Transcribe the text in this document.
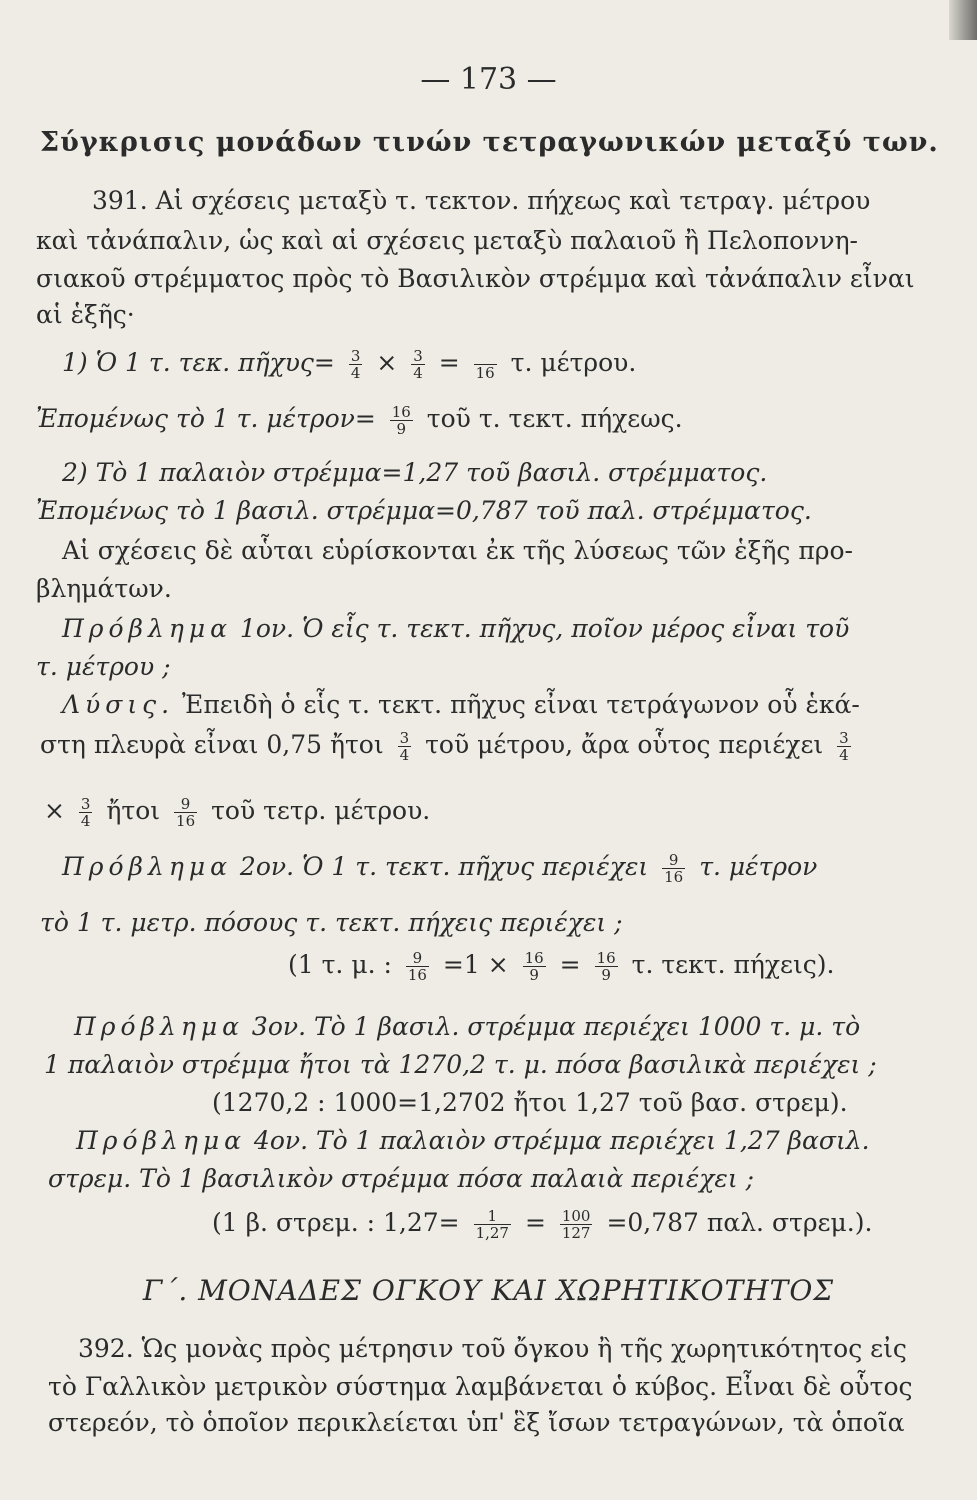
— 173 —
Σύγκρισις μονάδων τινών τετραγωνικών μεταξύ των.
391. Αἱ σχέσεις μεταξὺ τ. τεκτον. πήχεως καὶ τετραγ. μέτρου
καὶ τἀνάπαλιν, ὡς καὶ αἱ σχέσεις μεταξὺ παλαιοῦ ἢ Πελοποννη-
σιακοῦ στρέμματος πρὸς τὸ Βασιλικὸν στρέμμα καὶ τἀνάπαλιν εἶναι
αἱ ἑξῆς·
1) Ὁ 1 τ. τεκ. πῆχυς= $\frac{3}{4} \times \frac{3}{4}$ =
16 τ. μέτρου.
Ἐπομένως τὸ 1 τ. $\mu έ\tau\rho o\nu= \frac{16}{9}$ τοῦ τ. τεκτ. πήχεως.
2) Τὸ 1 παλαιὸν στρέμμα=1,27 τοῦ βασιλ. στρέμματος.
Ἐπομένως τὸ 1 βασιλ. στρέμμα=0,787 τοῦ παλ. στρέμματος.
Αἱ σχέσεις δὲ αὗται εὑρίσκονται ἐκ τῆς λύσεως τῶν ἑξῆς προ-
βλημάτων.
Πρόβλημα 1ον. Ὁ εἷς τ. τεκτ. πῆχυς, ποῖον μέρος εἶναι τοῦ
τ. μέτρου ;
Λύσις. Ἐπειδὴ ὁ εἷς τ. τεκτ. πῆχυς εἶναι τετράγωνον οὗ ἑκά-
στη πλευρὰ εἶναι 0,75 ἤτοι $\frac{3}{4}$ τοῦ μέτρου, ἄρα οὗτος περιέχει $\frac{3}{4}$
× $\frac{3}{4}$ ἤτοι $\frac{9}{16}$ τοῦ τετρ. μέτρου.
Πρόβλημα 2ον. Ὁ 1 τ. τεκτ. πῆχυς περιέχει $\frac{9}{16} \tau$. μέτρον
τὸ 1 τ. μετρ. πόσους τ. τεκτ. πήχεις περιέχει ;
(1 τ. μ. : $\frac{9}{16} =1 \times \frac{16}{9} = \frac{16}{9} \tau$. τεκτ. πήχεις).
Πρόβλημα 3ον. Τὸ 1 βασιλ. στρέμμα περιέχει 1000 τ. μ. τὸ
1 παλαιὸν στρέμμα ἤτοι τὰ 1270,2 τ. μ. πόσα βασιλικὰ περιέχει ;
(1270,2 : 1000=1,2702 ἤτοι 1,27 τοῦ βασ. στρεμ).
Πρόβλημα 4ον. Τὸ 1 παλαιὸν στρέμμα περιέχει 1,27 βασιλ.
στρεμ. Τὸ 1 βασιλικὸν στρέμμα πόσα παλαιὰ περιέχει ;
(1 β. στρεμ. : $1,27= \frac{1}{1,27} = \frac{100}{127} =0,787$ παλ. στρεμ.).
Γ΄. ΜΟΝΑΔΕΣ ΟΓΚΟΥ ΚΑΙ ΧΩΡΗΤΙΚΟΤΗΤΟΣ
392. Ὡς μονὰς πρὸς μέτρησιν τοῦ ὄγκου ἢ τῆς χωρητικότητος εἰς
τὸ Γαλλικὸν μετρικὸν σύστημα λαμβάνεται ὁ κύβος. Εἶναι δὲ οὗτος
στερεόν, τὸ ὁποῖον περικλείεται ὑπ' ἓξ ἴσων τετραγώνων, τὰ ὁποῖα
